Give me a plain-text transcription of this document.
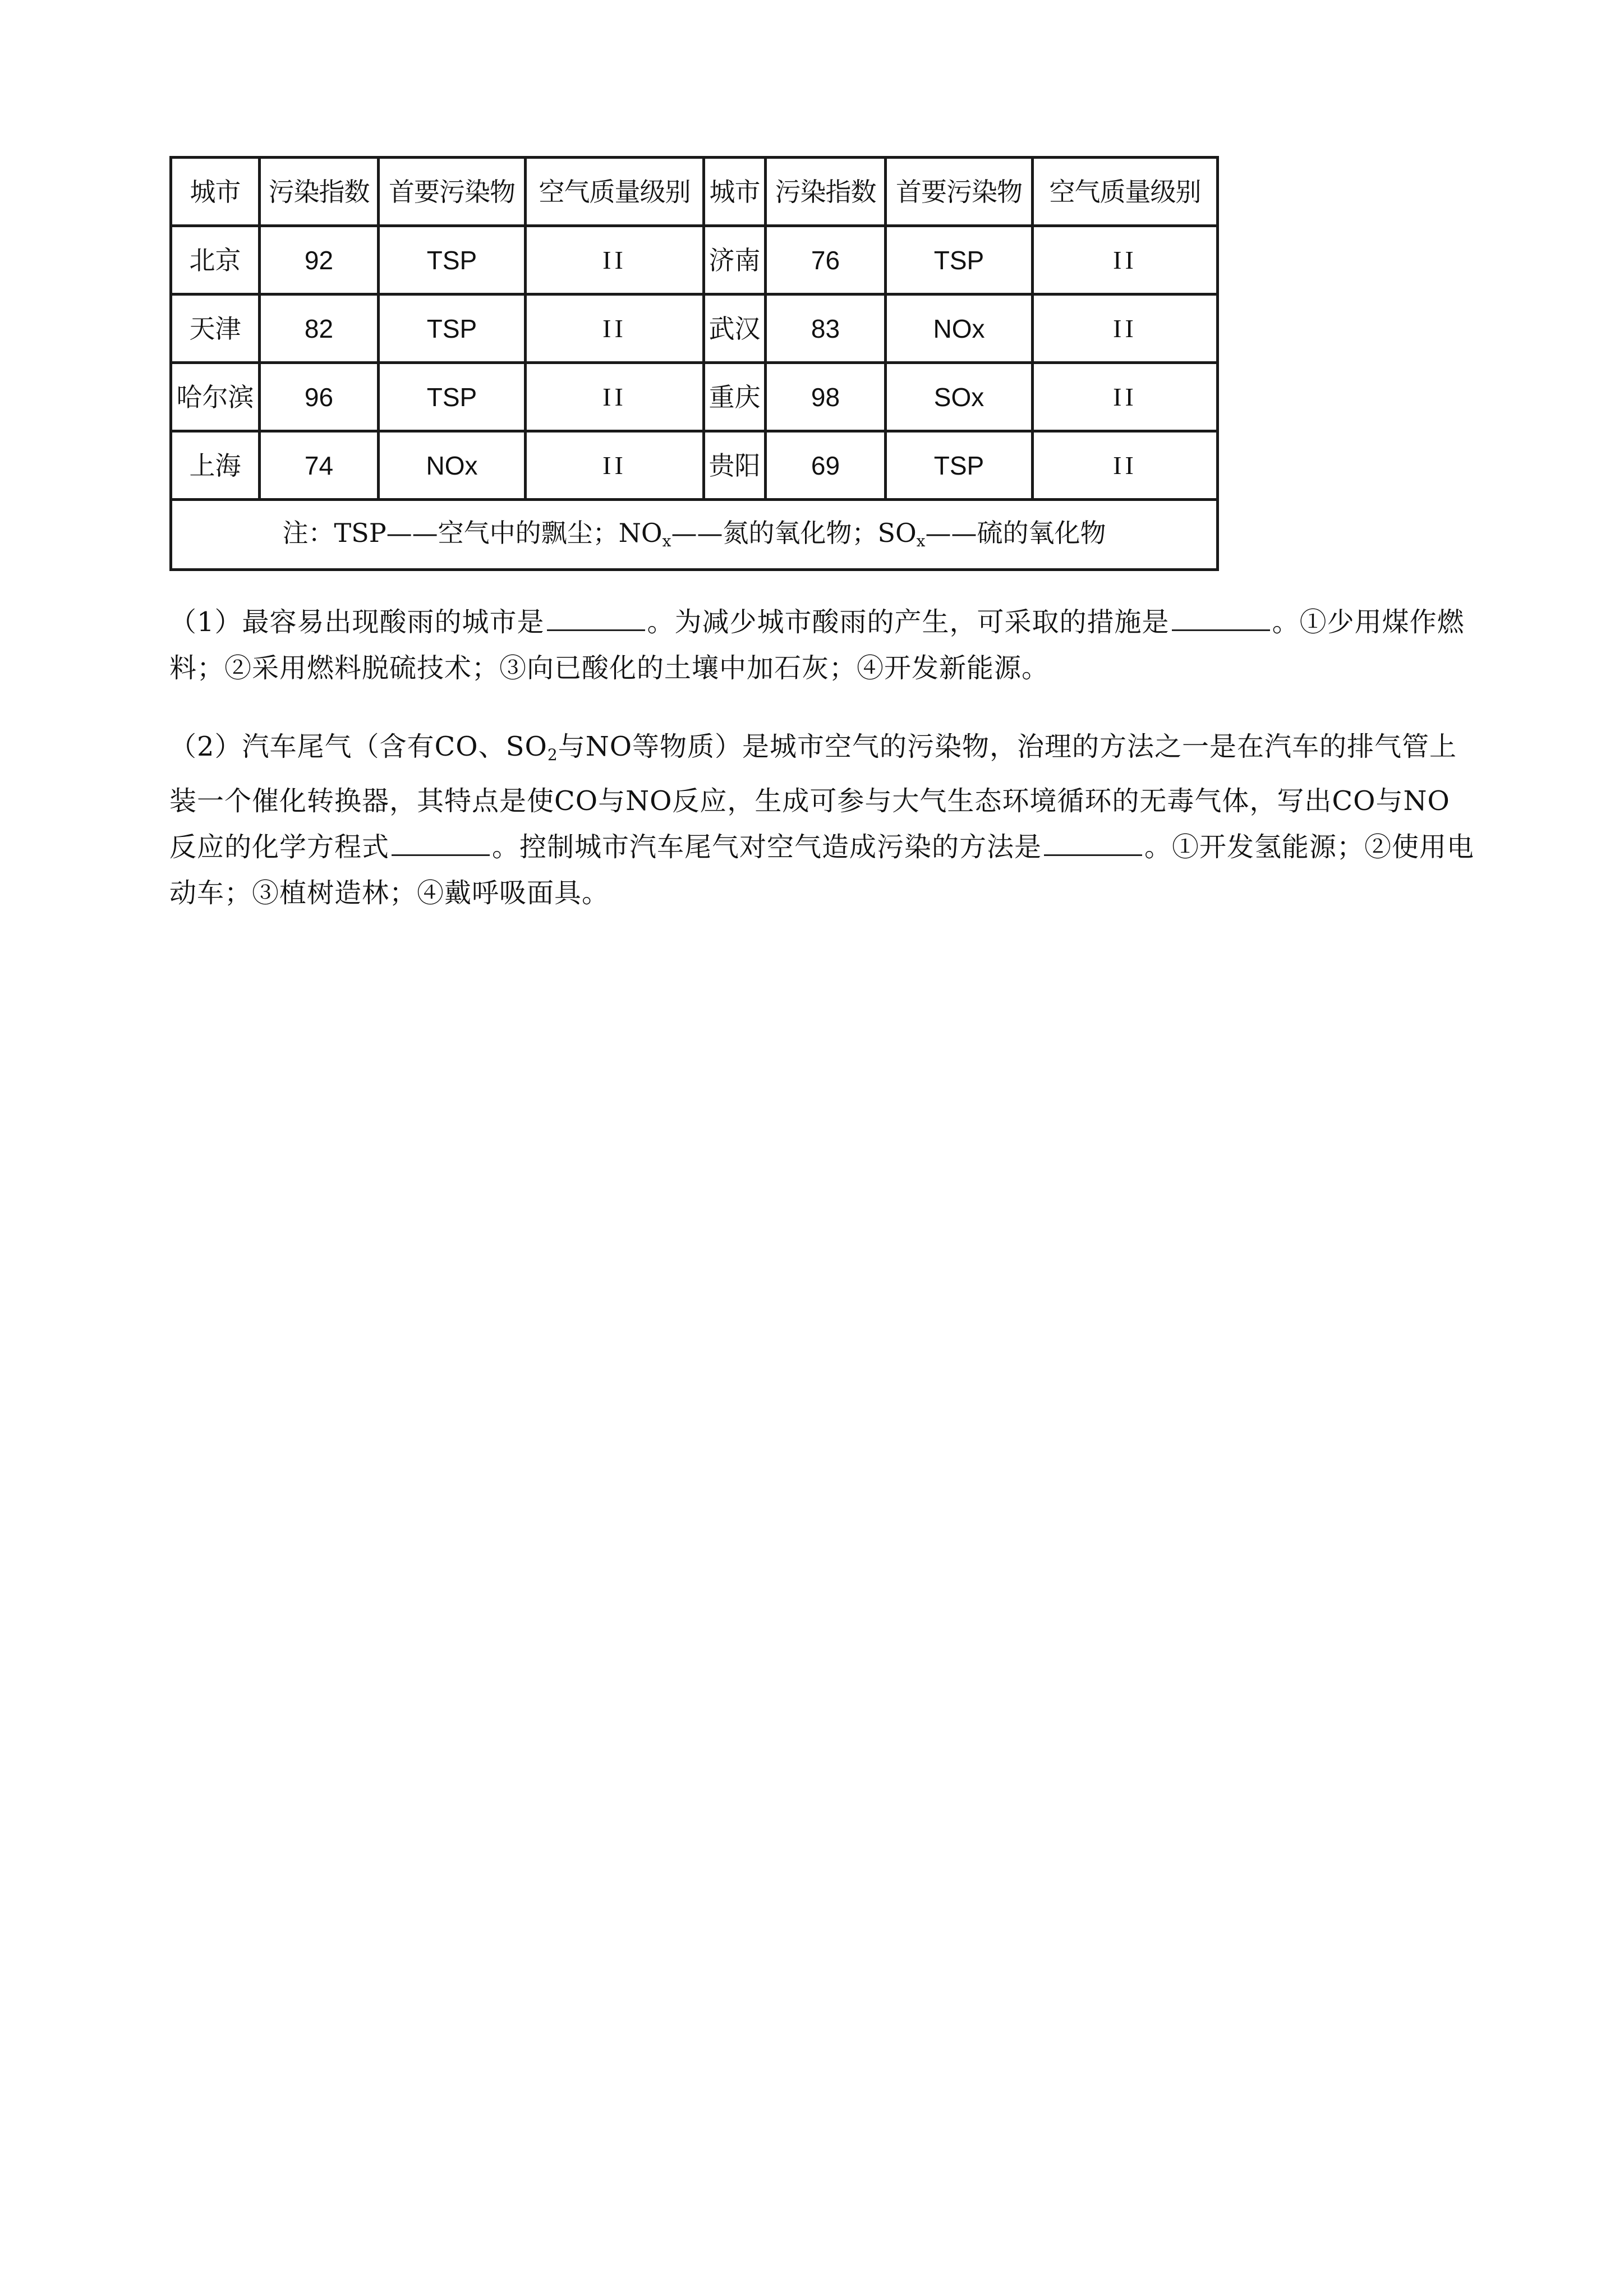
城市	污染指数	首要污染物	空气质量级别	城市	污染指数	首要污染物	空气质量级别
北京	92	TSP	II	济南	76	TSP	II
天津	82	TSP	II	武汉	83	NOx	II
哈尔滨	96	TSP	II	重庆	98	SOx	II
上海	74	NOx	II	贵阳	69	TSP	II
注：TSP——空气中的飘尘；$NO_x——$氮的氧化物；$SO_x——$硫的氧化物							

（1）最容易出现酸雨的城市是	。为减少城市酸雨的产生，可采取的措施是	。①少用煤作燃料；②采用燃料脱硫技术；③向已酸化的土壤中加石灰；④开发新能源。

（2）汽车尾气（含有CO、$SO_2$与NO等物质）是城市空气的污染物，治理的方法之一是在汽车的排气管上装一个催化转换器，其特点是使CO与NO反应，生成可参与大气生态环境循环的无毒气体，写出CO与NO反应的化学方程式	。控制城市汽车尾气对空气造成污染的方法是	。①开发氢能源；②使用电动车；③植树造林；④戴呼吸面具。
